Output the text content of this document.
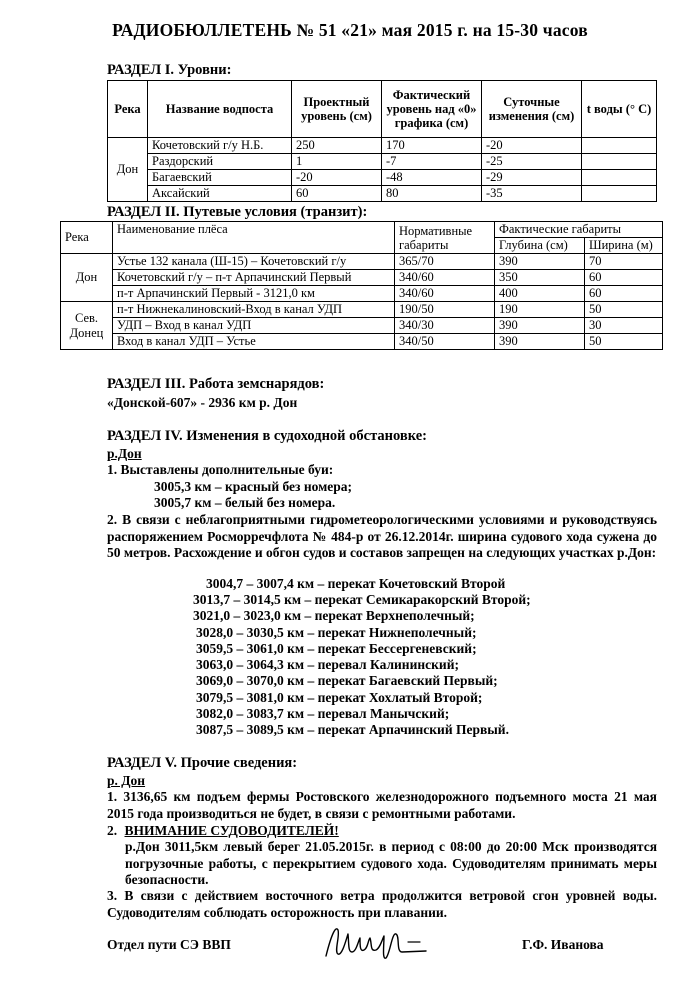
РАДИОБЮЛЛЕТЕНЬ № 51 «21» мая 2015 г. на 15-30 часов
РАЗДЕЛ I. Уровни:
Река	Название водпоста	Проектный уровень (см)	Фактический уровень над «0» графика (см)	Суточные изменения (см)	t воды (° С)
Дон	Кочетовский г/у Н.Б.	250	170	-20	
	Раздорский	1	-7	-25	
	Багаевский	-20	-48	-29	
	Аксайский	60	80	-35	
РАЗДЕЛ II. Путевые условия (транзит):
Река	Наименование плёса	Нормативные габариты	Фактические габариты	
			Глубина (см)	Ширина (м)
Дон	Устье 132 канала (Ш-15) – Кочетовский г/у	365/70	390	70
	Кочетовский г/у – п-т Арпачинский Первый	340/60	350	60
	п-т Арпачинский Первый - 3121,0 км	340/60	400	60
Сев. Донец	п-т Нижнекалиновский-Вход в канал УДП	190/50	190	50
	УДП – Вход в канал УДП	340/30	390	30
	Вход в канал УДП – Устье	340/50	390	50
РАЗДЕЛ III. Работа земснарядов:
«Донской-607» - 2936 км р. Дон
РАЗДЕЛ IV. Изменения в судоходной обстановке:
р.Дон
1. Выставлены дополнительные буи:
3005,3 км – красный без номера;
3005,7 км – белый без номера.
2. В связи с неблагоприятными гидрометеорологическими условиями и руководствуясь распоряжением Росморречфлота № 484-р от 26.12.2014г. ширина судового хода сужена до 50 метров. Расхождение и обгон судов и составов запрещен на следующих участках р.Дон:
3004,7 – 3007,4 км – перекат Кочетовский Второй
3013,7 – 3014,5 км – перекат Семикаракорский Второй;
3021,0 – 3023,0 км – перекат Верхнеполечный;
3028,0 – 3030,5 км – перекат Нижнеполечный;
3059,5 – 3061,0 км – перекат Бессергеневский;
3063,0 – 3064,3 км – перевал Калининский;
3069,0 – 3070,0 км – перекат Багаевский Первый;
3079,5 – 3081,0 км – перекат Хохлатый Второй;
3082,0 – 3083,7 км – перевал Манычский;
3087,5 – 3089,5 км – перекат Арпачинский Первый.
РАЗДЕЛ V. Прочие сведения:
р. Дон
1. 3136,65 км подъем фермы Ростовского железнодорожного подъемного моста 21 мая 2015 года производиться не будет, в связи с ремонтными работами.
2. ВНИМАНИЕ СУДОВОДИТЕЛЕЙ!
р.Дон 3011,5км левый берег 21.05.2015г. в период с 08:00 до 20:00 Мск производятся погрузочные работы, с перекрытием судового хода. Судоводителям принимать меры безопасности.
3. В связи с действием восточного ветра продолжится ветровой сгон уровней воды. Судоводителям соблюдать осторожность при плавании.
Отдел пути СЭ ВВП	Г.Ф. Иванова
